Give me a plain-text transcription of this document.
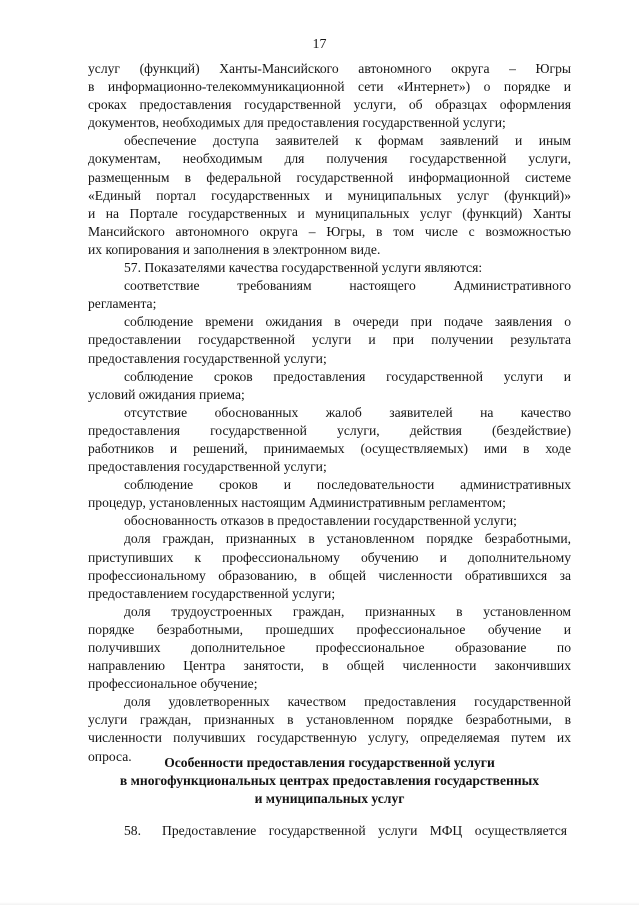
17
услуг (функций) Ханты-Мансийского автономного округа – Югры
в информационно-телекоммуникационной сети «Интернет») о порядке и
сроках предоставления государственной услуги, об образцах оформления
документов, необходимых для предоставления государственной услуги;
обеспечение доступа заявителей к формам заявлений и иным
документам, необходимым для получения государственной услуги,
размещенным в федеральной государственной информационной системе
«Единый портал государственных и муниципальных услуг (функций)»
и на Портале государственных и муниципальных услуг (функций) Ханты
Мансийского автономного округа – Югры, в том числе с возможностью
их копирования и заполнения в электронном виде.
57. Показателями качества государственной услуги являются:
соответствие требованиям настоящего Административного
регламента;
соблюдение времени ожидания в очереди при подаче заявления о
предоставлении государственной услуги и при получении результата
предоставления государственной услуги;
соблюдение сроков предоставления государственной услуги и
условий ожидания приема;
отсутствие обоснованных жалоб заявителей на качество
предоставления государственной услуги, действия (бездействие)
работников и решений, принимаемых (осуществляемых) ими в ходе
предоставления государственной услуги;
соблюдение сроков и последовательности административных
процедур, установленных настоящим Административным регламентом;
обоснованность отказов в предоставлении государственной услуги;
доля граждан, признанных в установленном порядке безработными,
приступивших к профессиональному обучению и дополнительному
профессиональному образованию, в общей численности обратившихся за
предоставлением государственной услуги;
доля трудоустроенных граждан, признанных в установленном
порядке безработными, прошедших профессиональное обучение и
получивших дополнительное профессиональное образование по
направлению Центра занятости, в общей численности закончивших
профессиональное обучение;
доля удовлетворенных качеством предоставления государственной
услуги граждан, признанных в установленном порядке безработными, в
численности получивших государственную услугу, определяемая путем их
опроса.	Особенности предоставления государственной услуги
в многофункциональных центрах предоставления государственных
и муниципальных услуг
58. Предоставление государственной услуги МФЦ осуществляется
